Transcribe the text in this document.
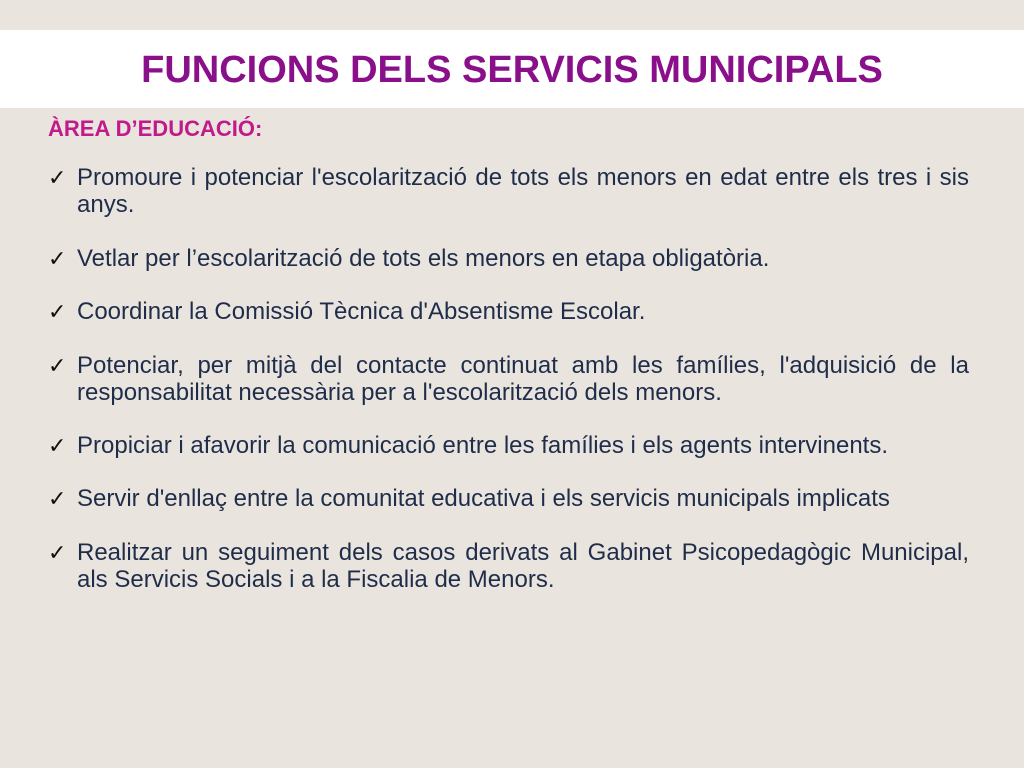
FUNCIONS DELS SERVICIS MUNICIPALS
ÀREA D’EDUCACIÓ:
✓ Promoure i potenciar l'escolarització de tots els menors en edat entre els tres i sis anys.
✓ Vetlar per l’escolarització de tots els menors en etapa obligatòria.
✓ Coordinar la Comissió Tècnica d'Absentisme Escolar.
✓ Potenciar, per mitjà del contacte continuat amb les famílies, l'adquisició de la responsabilitat necessària per a l'escolarització dels menors.
✓ Propiciar i afavorir la comunicació entre les famílies i els agents intervinents.
✓ Servir d'enllaç entre la comunitat educativa i els servicis municipals implicats
✓ Realitzar un seguiment dels casos derivats al Gabinet Psicopedagògic Municipal, als Servicis Socials i a la Fiscalia de Menors.
